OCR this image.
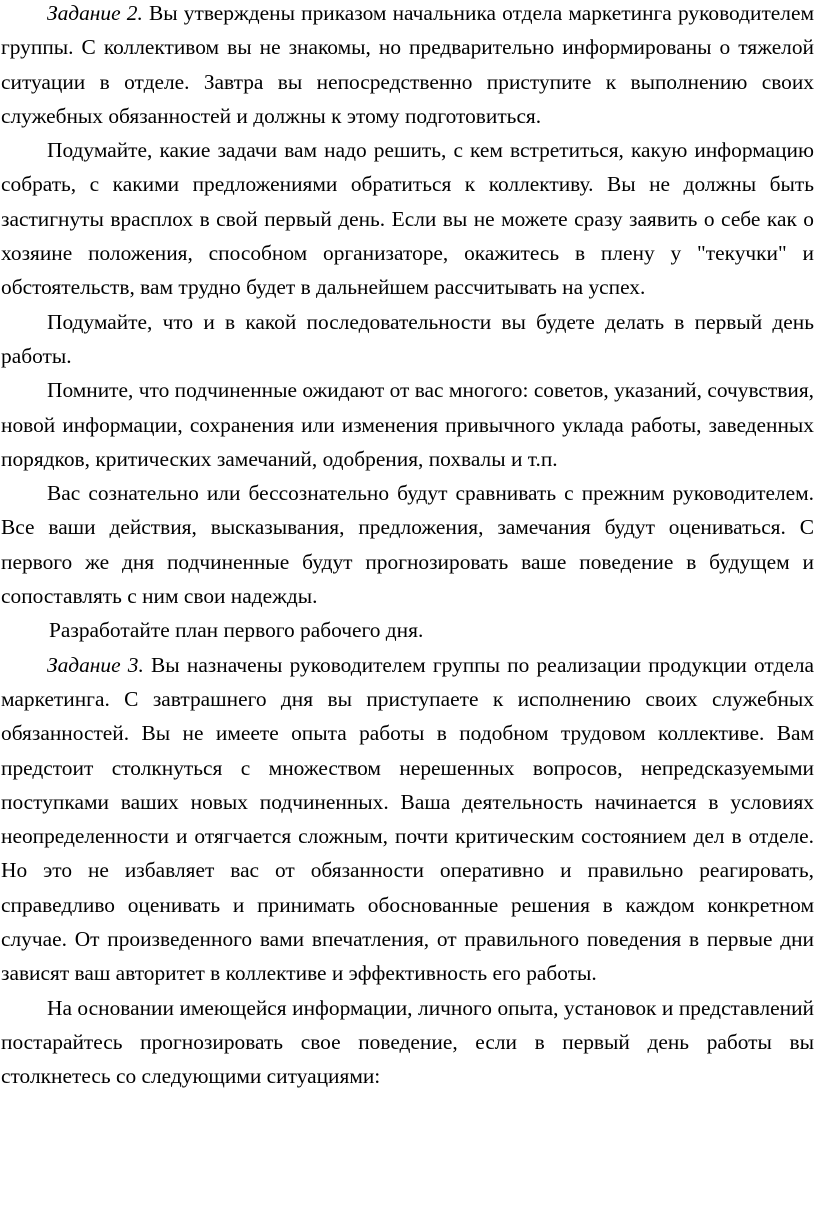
Задание 2. Вы утверждены приказом начальника отдела маркетинга руководителем группы. С коллективом вы не знакомы, но предварительно информированы о тяжелой ситуации в отделе. Завтра вы непосредственно приступите к выполнению своих служебных обязанностей и должны к этому подготовиться.

Подумайте, какие задачи вам надо решить, с кем встретиться, какую информацию собрать, с какими предложениями обратиться к коллективу. Вы не должны быть застигнуты врасплох в свой первый день. Если вы не можете сразу заявить о себе как о хозяине положения, способном организаторе, окажитесь в плену у "текучки" и обстоятельств, вам трудно будет в дальнейшем рассчитывать на успех.

Подумайте, что и в какой последовательности вы будете делать в первый день работы.

Помните, что подчиненные ожидают от вас многого: советов, указаний, сочувствия, новой информации, сохранения или изменения привычного уклада работы, заведенных порядков, критических замечаний, одобрения, похвалы и т.п.

Вас сознательно или бессознательно будут сравнивать с прежним руководителем. Все ваши действия, высказывания, предложения, замечания будут оцениваться. С первого же дня подчиненные будут прогнозировать ваше поведение в будущем и сопоставлять с ним свои надежды.

Разработайте план первого рабочего дня.

Задание 3. Вы назначены руководителем группы по реализации продукции отдела маркетинга. С завтрашнего дня вы приступаете к исполнению своих служебных обязанностей. Вы не имеете опыта работы в подобном трудовом коллективе. Вам предстоит столкнуться с множеством нерешенных вопросов, непредсказуемыми поступками ваших новых подчиненных. Ваша деятельность начинается в условиях неопределенности и отягчается сложным, почти критическим состоянием дел в отделе. Но это не избавляет вас от обязанности оперативно и правильно реагировать, справедливо оценивать и принимать обоснованные решения в каждом конкретном случае. От произведенного вами впечатления, от правильного поведения в первые дни зависят ваш авторитет в коллективе и эффективность его работы.

На основании имеющейся информации, личного опыта, установок и представлений постарайтесь прогнозировать свое поведение, если в первый день работы вы столкнетесь со следующими ситуациями:
